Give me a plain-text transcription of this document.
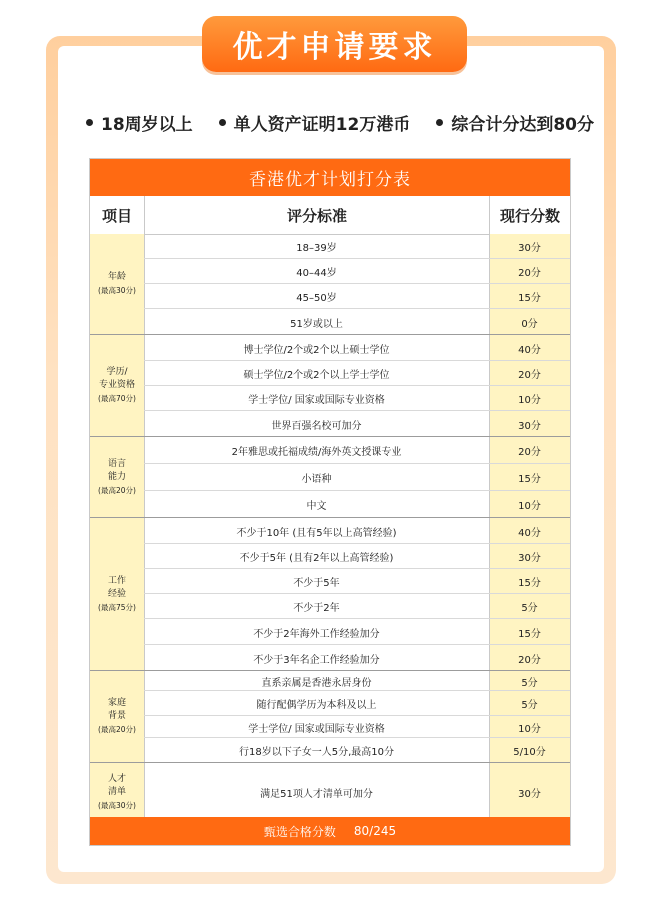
优才申请要求
18周岁以上 单人资产证明12万港币 综合计分达到80分
香港优才计划打分表
项目	评分标准	现行分数
年龄
(最高30分)
18–39岁	30分
40–44岁	20分
45–50岁	15分
51岁或以上	0分
学历/
专业资格
(最高70分)
博士学位/2个或2个以上硕士学位	40分
硕士学位/2个或2个以上学士学位	20分
学士学位/ 国家或国际专业资格	10分
世界百强名校可加分	30分
语言
能力
(最高20分)
2年雅思或托福成绩/海外英文授课专业	20分
小语种	15分
中文	10分
工作
经验
(最高75分)
不少于10年 (且有5年以上高管经验)	40分
不少于5年 (且有2年以上高管经验)	30分
不少于5年	15分
不少于2年	5分
不少于2年海外工作经验加分	15分
不少于3年名企工作经验加分	20分
家庭
背景
(最高20分)
直系亲属是香港永居身份	5分
随行配偶学历为本科及以上	5分
学士学位/ 国家或国际专业资格	10分
行18岁以下子女一人5分,最高10分	5/10分
人才
清单
(最高30分)
满足51项人才清单可加分	30分
甄选合格分数 80/245
